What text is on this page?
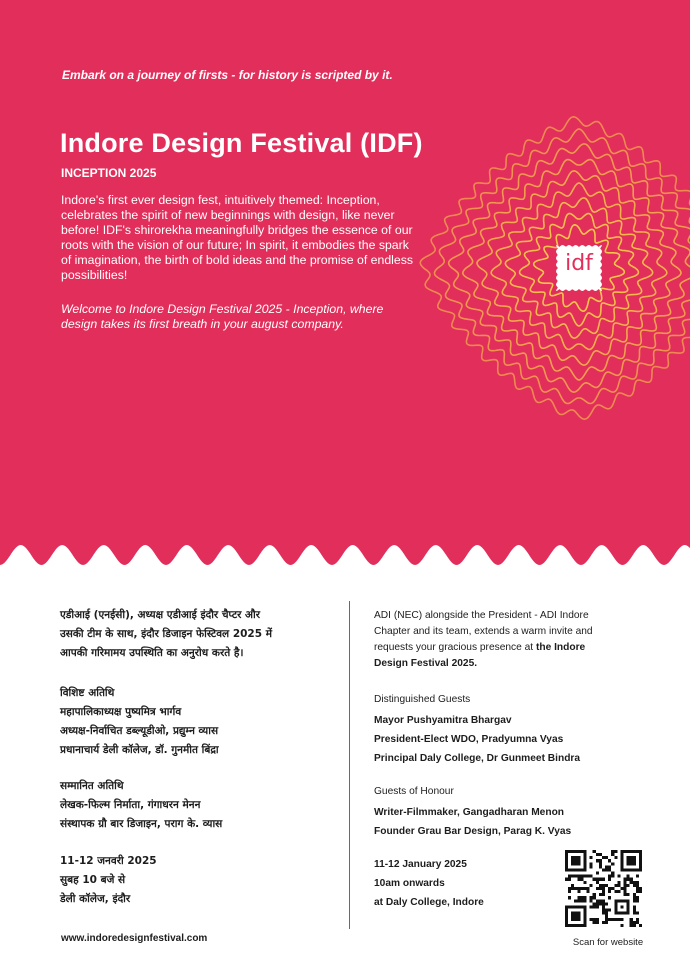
Embark on a journey of firsts - for history is scripted by it.
Indore Design Festival (IDF)
INCEPTION 2025
Indore's first ever design fest, intuitively themed: Inception, celebrates the spirit of new beginnings with design, like never before! IDF's shirorekha meaningfully bridges the essence of our roots with the vision of our future; In spirit, it embodies the spark of imagination, the birth of bold ideas and the promise of endless possibilities!
Welcome to Indore Design Festival 2025 - Inception, where design takes its first breath in your august company.
idf
एडीआई (एनईसी), अध्यक्ष एडीआई इंदौर चैप्टर और
उसकी टीम के साथ, इंदौर डिजाइन फेस्टिवल 2025 में
आपकी गरिमामय उपस्थिति का अनुरोध करते है।
विशिष्ट अतिथि
महापालिकाध्यक्ष पुष्यमित्र भार्गव
अध्यक्ष-निर्वाचित डब्ल्यूडीओ, प्रद्युम्न व्यास
प्रधानाचार्य डेली कॉलेज, डॉ. गुनमीत बिंद्रा
सम्मानित अतिथि
लेखक-फिल्म निर्माता, गंगाधरन मेनन
संस्थापक ग्रौ बार डिजाइन, पराग के. व्यास
11-12 जनवरी 2025
सुबह 10 बजे से
डेली कॉलेज, इंदौर
ADI (NEC) alongside the President - ADI Indore Chapter and its team, extends a warm invite and requests your gracious presence at the Indore Design Festival 2025.
Distinguished Guests
Mayor Pushyamitra Bhargav
President-Elect WDO, Pradyumna Vyas
Principal Daly College, Dr Gunmeet Bindra
Guests of Honour
Writer-Filmmaker, Gangadharan Menon
Founder Grau Bar Design, Parag K. Vyas
11-12 January 2025
10am onwards
at Daly College, Indore
www.indoredesignfestival.com	Scan for website
